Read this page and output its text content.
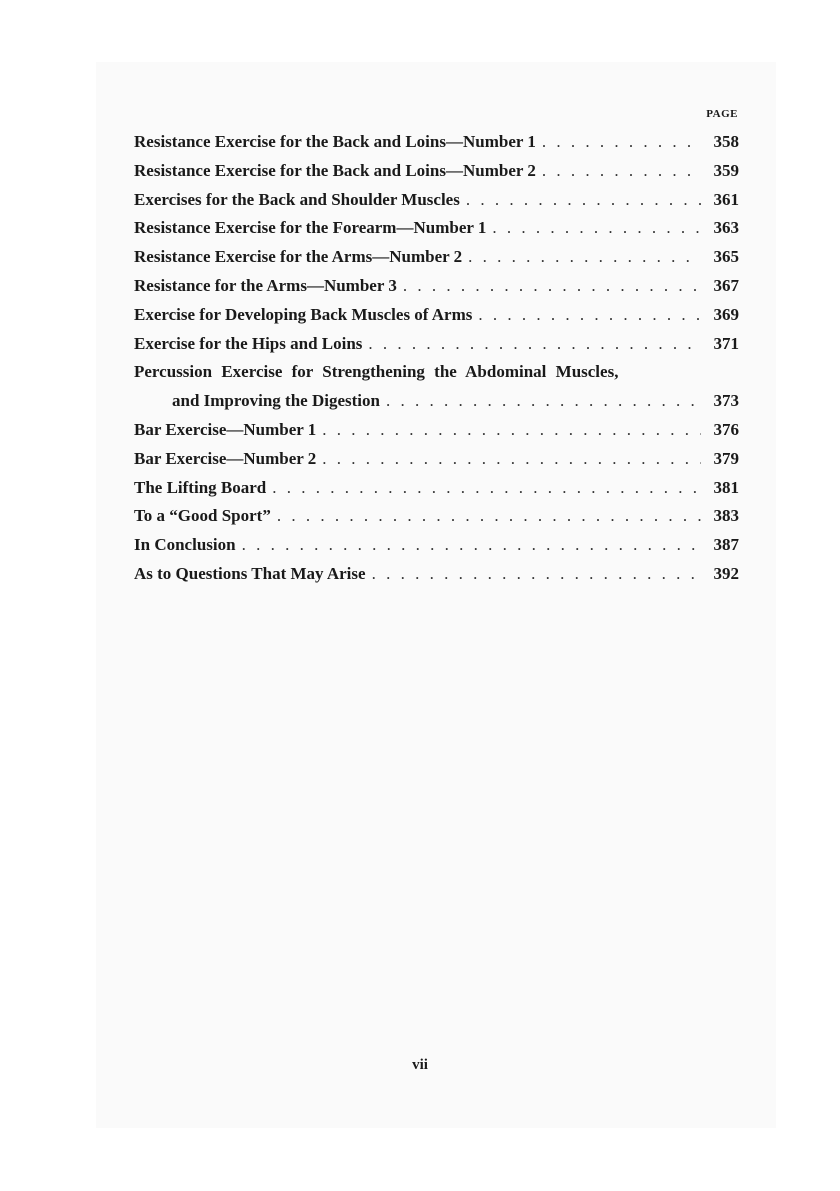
PAGE
Resistance Exercise for the Back and Loins—Number 1 . . .	358
Resistance Exercise for the Back and Loins—Number 2 . . .	359
Exercises for the Back and Shoulder Muscles . . .	361
Resistance Exercise for the Forearm—Number 1 . . .	363
Resistance Exercise for the Arms—Number 2 . . .	365
Resistance for the Arms—Number 3 . . .	367
Exercise for Developing Back Muscles of Arms . . .	369
Exercise for the Hips and Loins . . .	371
Percussion Exercise for Strengthening the Abdominal Muscles,
and Improving the Digestion . . .	373
Bar Exercise—Number 1 . . .	376
Bar Exercise—Number 2 . . .	379
The Lifting Board . . .	381
To a “Good Sport” . . .	383
In Conclusion . . .	387
As to Questions That May Arise . . .	392
vii
